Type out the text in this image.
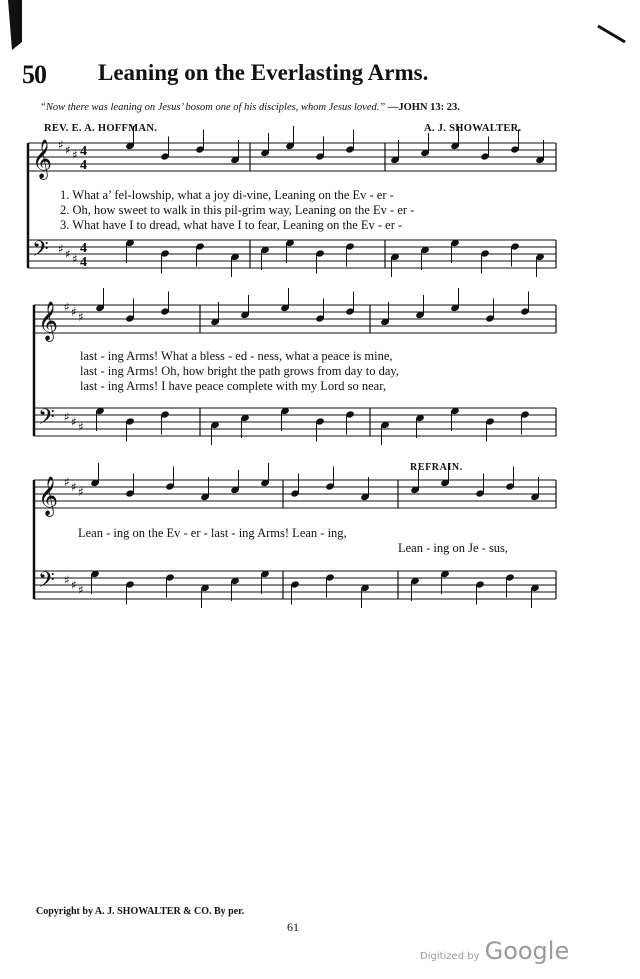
50 Leaning on the Everlasting Arms.
“Now there was leaning on Jesus’ bosom one of his disciples, whom Jesus loved.” —JOHN 13: 23.
REV. E. A. HOFFMAN.	A. J. SHOWALTER.
𝄞
𝄢
♯
♯
♯
♯
♯
♯
4
4
4
4
𝄞
𝄢
♯
♯
♯
♯
♯
♯
𝄞
𝄢
♯
♯
♯
♯
♯
♯
1. What a’ fel-lowship, what a joy di-vine, Leaning on the Ev - er -
2. Oh, how sweet to walk in this pil-grim way, Leaning on the Ev - er -
3. What have I to dread, what have I to fear, Leaning on the Ev - er -
last - ing Arms! What a bless - ed - ness, what a peace is mine,
last - ing Arms! Oh, how bright the path grows from day to day,
last - ing Arms! I have peace complete with my Lord so near,
REFRAIN.
Lean - ing on the Ev - er - last - ing Arms! Lean - ing,
Lean - ing on Je - sus,
Copyright by A. J. SHOWALTER & CO. By per.
61
Digitized by Google
